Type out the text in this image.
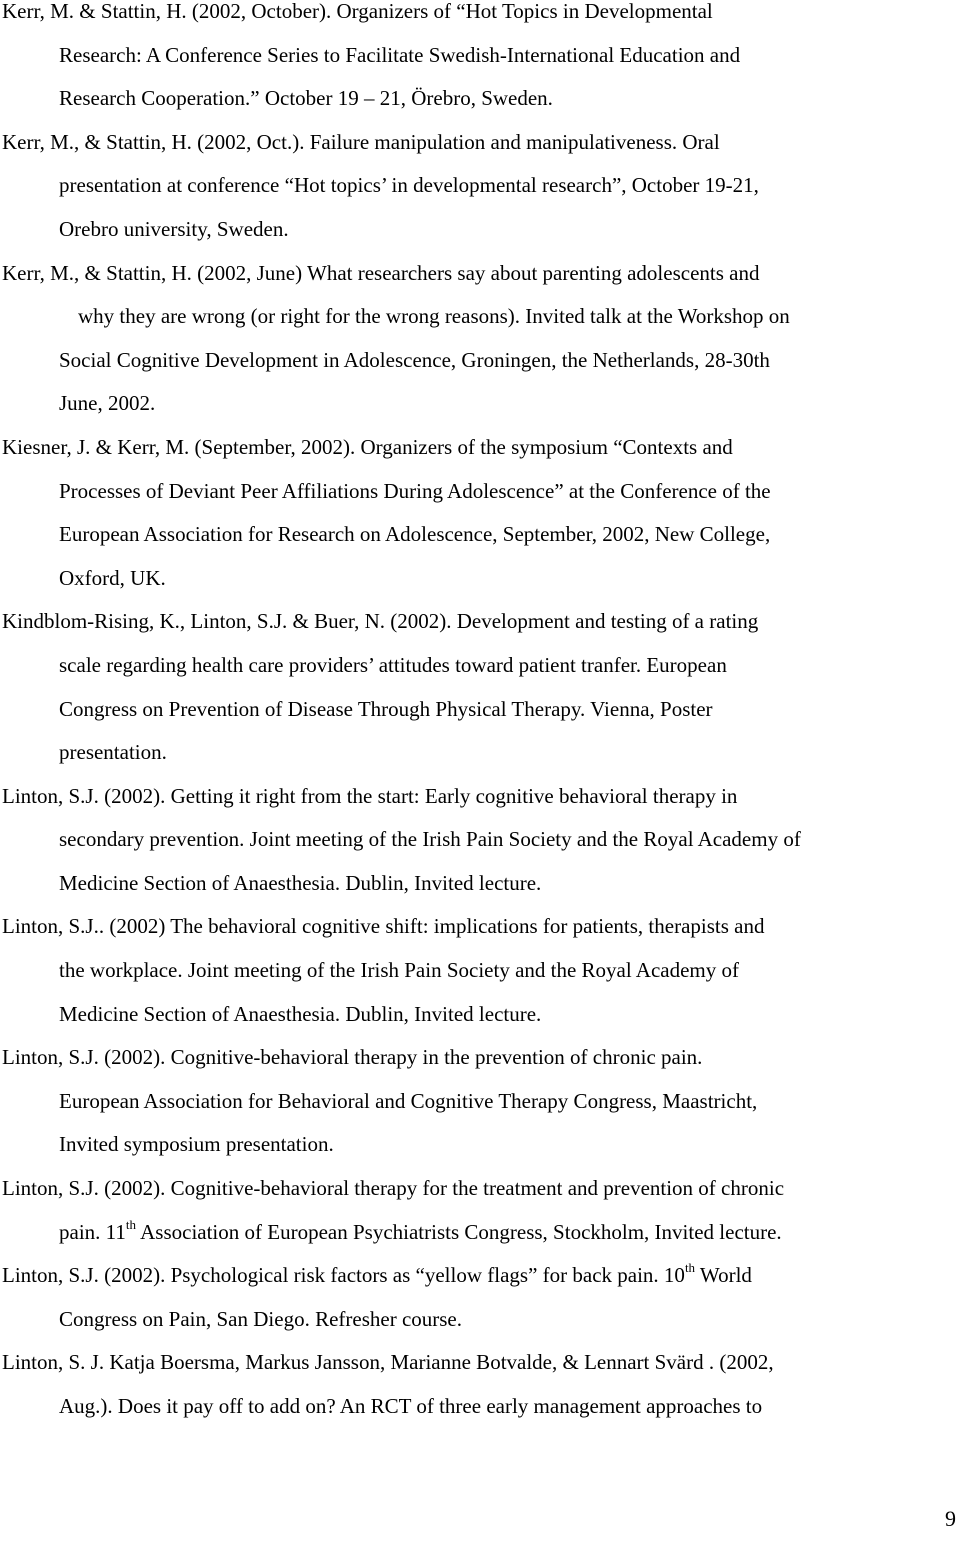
Kerr, M. & Stattin, H. (2002, October). Organizers of “Hot Topics in Developmental
Research: A Conference Series to Facilitate Swedish-International Education and
Research Cooperation.” October 19 – 21, Örebro, Sweden.
Kerr, M., & Stattin, H. (2002, Oct.). Failure manipulation and manipulativeness. Oral
presentation at conference “Hot topics’ in developmental research”, October 19-21,
Orebro university, Sweden.
Kerr, M., & Stattin, H. (2002, June) What researchers say about parenting adolescents and
why they are wrong (or right for the wrong reasons). Invited talk at the Workshop on
Social Cognitive Development in Adolescence, Groningen, the Netherlands, 28-30th
June, 2002.
Kiesner, J. & Kerr, M. (September, 2002). Organizers of the symposium “Contexts and
Processes of Deviant Peer Affiliations During Adolescence” at the Conference of the
European Association for Research on Adolescence, September, 2002, New College,
Oxford, UK.
Kindblom-Rising, K., Linton, S.J. & Buer, N. (2002). Development and testing of a rating
scale regarding health care providers’ attitudes toward patient tranfer. European
Congress on Prevention of Disease Through Physical Therapy. Vienna, Poster
presentation.
Linton, S.J. (2002). Getting it right from the start: Early cognitive behavioral therapy in
secondary prevention. Joint meeting of the Irish Pain Society and the Royal Academy of
Medicine Section of Anaesthesia. Dublin, Invited lecture.
Linton, S.J.. (2002) The behavioral cognitive shift: implications for patients, therapists and
the workplace. Joint meeting of the Irish Pain Society and the Royal Academy of
Medicine Section of Anaesthesia. Dublin, Invited lecture.
Linton, S.J. (2002). Cognitive-behavioral therapy in the prevention of chronic pain.
European Association for Behavioral and Cognitive Therapy Congress, Maastricht,
Invited symposium presentation.
Linton, S.J. (2002). Cognitive-behavioral therapy for the treatment and prevention of chronic
pain. 11th Association of European Psychiatrists Congress, Stockholm, Invited lecture.
Linton, S.J. (2002). Psychological risk factors as “yellow flags” for back pain. 10th World
Congress on Pain, San Diego. Refresher course.
Linton, S. J. Katja Boersma, Markus Jansson, Marianne Botvalde, & Lennart Svärd . (2002,
Aug.). Does it pay off to add on? An RCT of three early management approaches to
9
